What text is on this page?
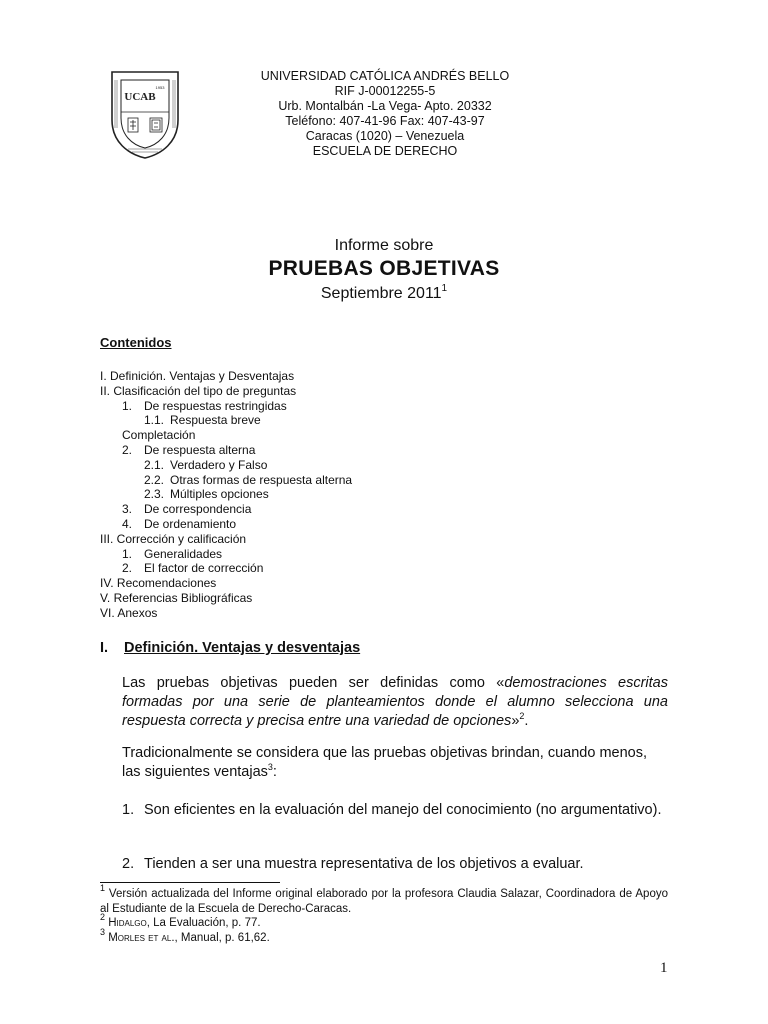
UCAB
1953
UNIVERSIDAD CATÓLICA ANDRÉS BELLO
RIF J-00012255-5
Urb. Montalbán -La Vega- Apto. 20332
Teléfono: 407-41-96 Fax: 407-43-97
Caracas (1020) – Venezuela
ESCUELA DE DERECHO
Informe sobre
PRUEBAS OBJETIVAS
Septiembre 2011$^1$
Contenidos
I. Definición. Ventajas y Desventajas
II. Clasificación del tipo de preguntas
1. De respuestas restringidas
1.1. Respuesta breve
Completación
2. De respuesta alterna
2.1. Verdadero y Falso
2.2. Otras formas de respuesta alterna
2.3. Múltiples opciones
3. De correspondencia
4. De ordenamiento
III. Corrección y calificación
1. Generalidades
2. El factor de corrección
IV. Recomendaciones
V. Referencias Bibliográficas
VI. Anexos
I. Definición. Ventajas y desventajas
Las pruebas objetivas pueden ser definidas como «demostraciones escritas formadas por una serie de planteamientos donde el alumno selecciona una respuesta correcta y precisa entre una variedad de opciones»$^2$.
Tradicionalmente se considera que las pruebas objetivas brindan, cuando menos, las siguientes ventajas$^3$:
1. Son eficientes en la evaluación del manejo del conocimiento (no argumentativo).
2. Tienden a ser una muestra representativa de los objetivos a evaluar.
$^1$ Versión actualizada del Informe original elaborado por la profesora Claudia Salazar, Coordinadora de Apoyo al Estudiante de la Escuela de Derecho-Caracas.
$^2$ Hidalgo, La Evaluación, p. 77.
$^3$ Morles et al., Manual, p. 61,62.
1
